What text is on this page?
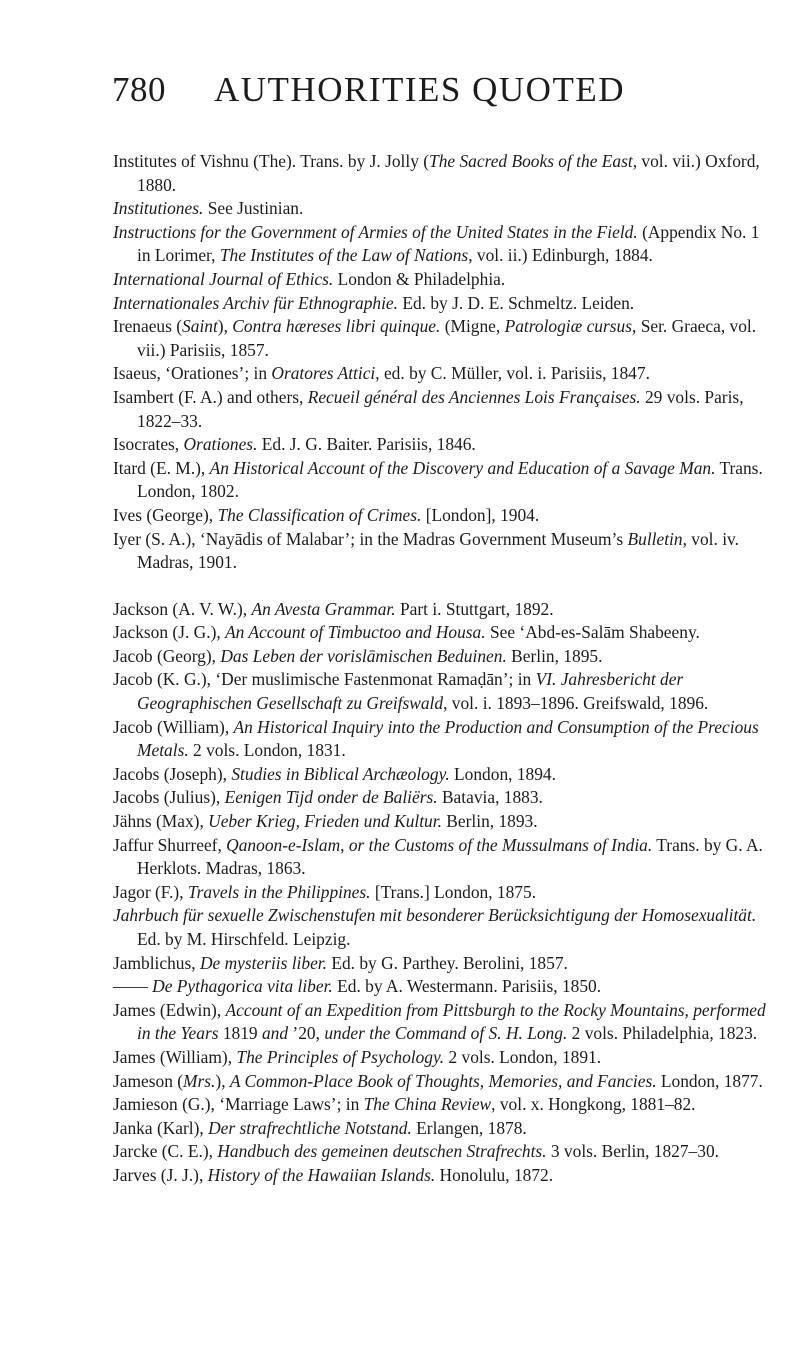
780 AUTHORITIES QUOTED

Institutes of Vishnu (The). Trans. by J. Jolly (The Sacred Books of the East, vol. vii.) Oxford, 1880.

Institutiones. See Justinian.

Instructions for the Government of Armies of the United States in the Field. (Appendix No. 1 in Lorimer, The Institutes of the Law of Nations, vol. ii.) Edinburgh, 1884.

International Journal of Ethics. London & Philadelphia.

Internationales Archiv für Ethnographie. Ed. by J. D. E. Schmeltz. Leiden.

Irenaeus (Saint), Contra hæreses libri quinque. (Migne, Patrologiæ cursus, Ser. Graeca, vol. vii.) Parisiis, 1857.

Isaeus, ‘Orationes’; in Oratores Attici, ed. by C. Müller, vol. i. Parisiis, 1847.

Isambert (F. A.) and others, Recueil général des Anciennes Lois Françaises. 29 vols. Paris, 1822–33.

Isocrates, Orationes. Ed. J. G. Baiter. Parisiis, 1846.

Itard (E. M.), An Historical Account of the Discovery and Education of a Savage Man. Trans. London, 1802.

Ives (George), The Classification of Crimes. [London], 1904.

Iyer (S. A.), ‘Nayādis of Malabar’; in the Madras Government Museum’s Bulletin, vol. iv. Madras, 1901.

Jackson (A. V. W.), An Avesta Grammar. Part i. Stuttgart, 1892.

Jackson (J. G.), An Account of Timbuctoo and Housa. See ‘Abd-es-Salām Shabeeny.

Jacob (Georg), Das Leben der vorislāmischen Beduinen. Berlin, 1895.

Jacob (K. G.), ‘Der muslimische Fastenmonat Ramaḍān’; in VI. Jahresbericht der Geographischen Gesellschaft zu Greifswald, vol. i. 1893–1896. Greifswald, 1896.

Jacob (William), An Historical Inquiry into the Production and Consumption of the Precious Metals. 2 vols. London, 1831.

Jacobs (Joseph), Studies in Biblical Archæology. London, 1894.

Jacobs (Julius), Eenigen Tijd onder de Baliërs. Batavia, 1883.

Jähns (Max), Ueber Krieg, Frieden und Kultur. Berlin, 1893.

Jaffur Shurreef, Qanoon-e-Islam, or the Customs of the Mussulmans of India. Trans. by G. A. Herklots. Madras, 1863.

Jagor (F.), Travels in the Philippines. [Trans.] London, 1875.

Jahrbuch für sexuelle Zwischenstufen mit besonderer Berücksichtigung der Homosexualität. Ed. by M. Hirschfeld. Leipzig.

Jamblichus, De mysteriis liber. Ed. by G. Parthey. Berolini, 1857.

—— De Pythagorica vita liber. Ed. by A. Westermann. Parisiis, 1850.

James (Edwin), Account of an Expedition from Pittsburgh to the Rocky Mountains, performed in the Years 1819 and ’20, under the Command of S. H. Long. 2 vols. Philadelphia, 1823.

James (William), The Principles of Psychology. 2 vols. London, 1891.

Jameson (Mrs.), A Common-Place Book of Thoughts, Memories, and Fancies. London, 1877.

Jamieson (G.), ‘Marriage Laws’; in The China Review, vol. x. Hongkong, 1881–82.

Janka (Karl), Der strafrechtliche Notstand. Erlangen, 1878.

Jarcke (C. E.), Handbuch des gemeinen deutschen Strafrechts. 3 vols. Berlin, 1827–30.

Jarves (J. J.), History of the Hawaiian Islands. Honolulu, 1872.
